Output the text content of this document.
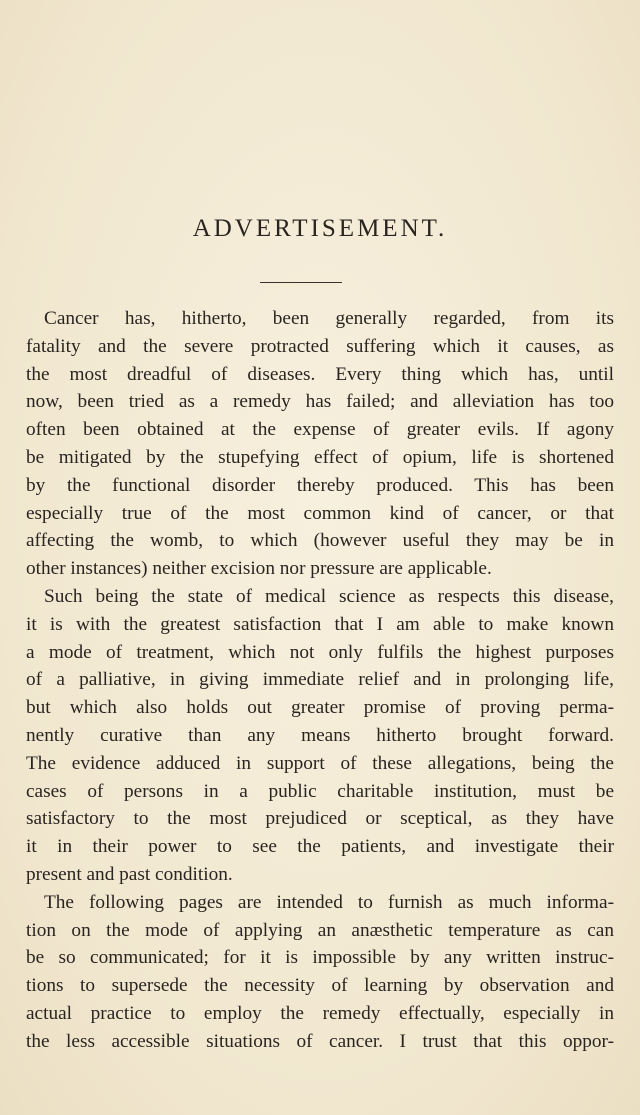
ADVERTISEMENT.
Cancer has, hitherto, been generally regarded, from its
fatality and the severe protracted suffering which it causes, as
the most dreadful of diseases. Every thing which has, until
now, been tried as a remedy has failed; and alleviation has too
often been obtained at the expense of greater evils. If agony
be mitigated by the stupefying effect of opium, life is shortened
by the functional disorder thereby produced. This has been
especially true of the most common kind of cancer, or that
affecting the womb, to which (however useful they may be in
other instances) neither excision nor pressure are applicable.
Such being the state of medical science as respects this disease,
it is with the greatest satisfaction that I am able to make known
a mode of treatment, which not only fulfils the highest purposes
of a palliative, in giving immediate relief and in prolonging life,
but which also holds out greater promise of proving perma-
nently curative than any means hitherto brought forward.
The evidence adduced in support of these allegations, being the
cases of persons in a public charitable institution, must be
satisfactory to the most prejudiced or sceptical, as they have
it in their power to see the patients, and investigate their
present and past condition.
The following pages are intended to furnish as much informa-
tion on the mode of applying an anæsthetic temperature as can
be so communicated; for it is impossible by any written instruc-
tions to supersede the necessity of learning by observation and
actual practice to employ the remedy effectually, especially in
the less accessible situations of cancer. I trust that this oppor-
